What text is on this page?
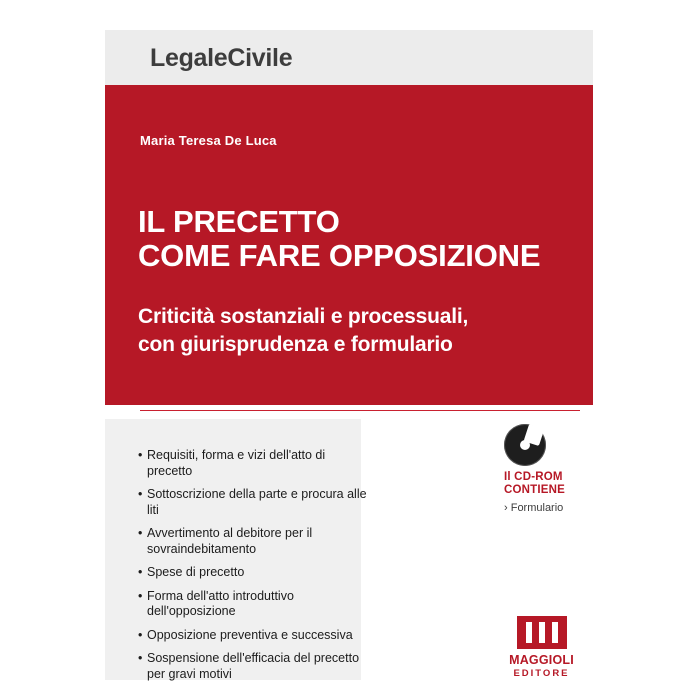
LegaleCivile
Maria Teresa De Luca
IL PRECETTO
COME FARE OPPOSIZIONE
Criticità sostanziali e processuali,
con giurisprudenza e formulario
• Requisiti, forma e vizi dell'atto di precetto
• Sottoscrizione della parte e procura alle liti
• Avvertimento al debitore per il sovraindebitamento
• Spese di precetto
• Forma dell'atto introduttivo dell'opposizione
• Opposizione preventiva e successiva
• Sospensione dell'efficacia del precetto per gravi motivi
Il CD-ROM
CONTIENE
› Formulario
MAGGIOLI
EDITORE
